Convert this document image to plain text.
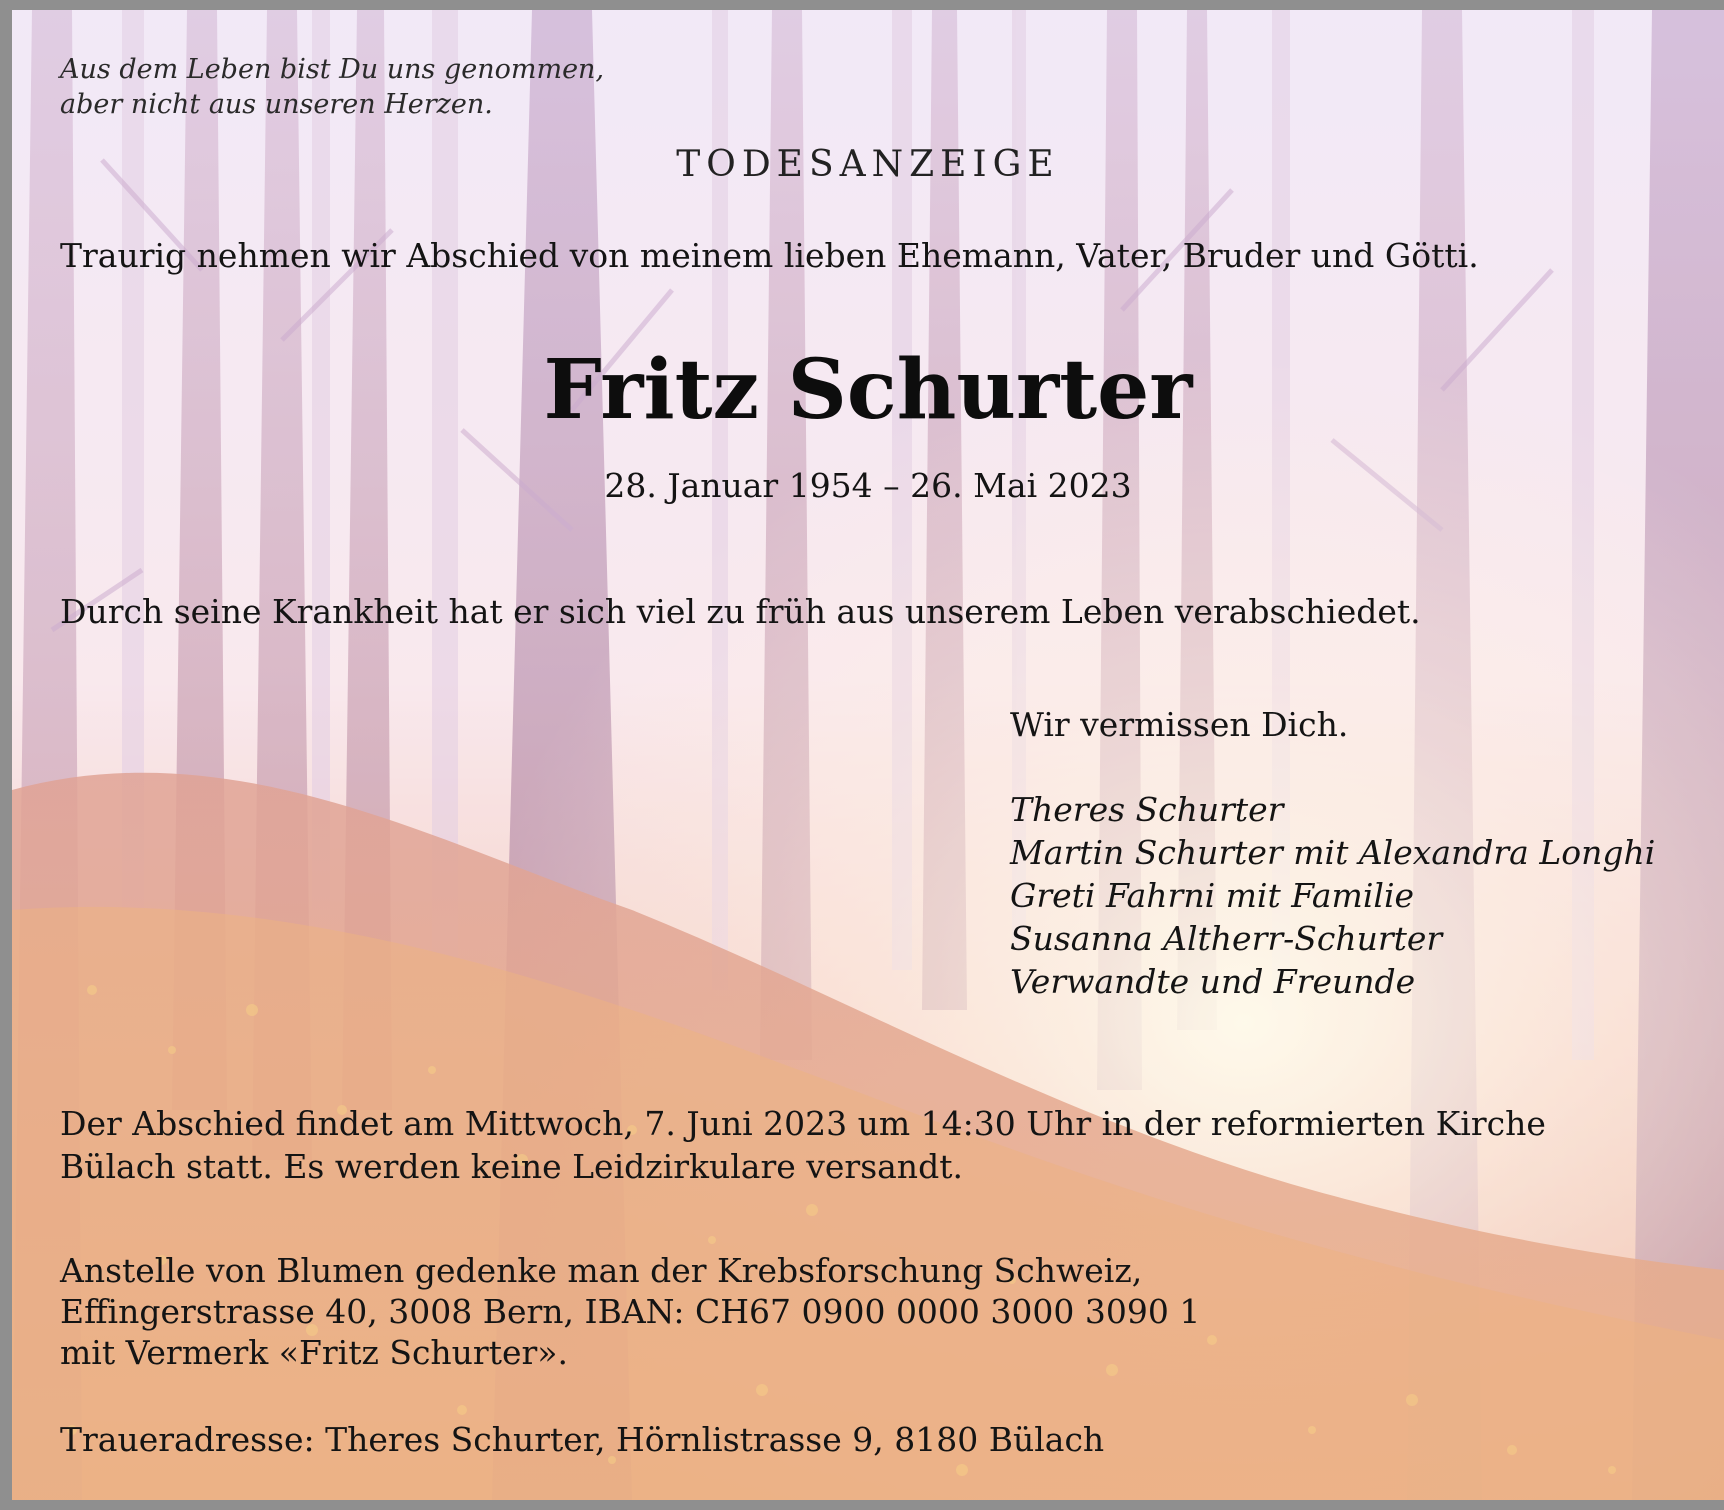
Aus dem Leben bist Du uns genommen,
aber nicht aus unseren Herzen.

TODESANZEIGE

Traurig nehmen wir Abschied von meinem lieben Ehemann, Vater, Bruder und Götti.

Fritz Schurter

28. Januar 1954 – 26. Mai 2023

Durch seine Krankheit hat er sich viel zu früh aus unserem Leben verabschiedet.

Wir vermissen Dich.

Theres Schurter
Martin Schurter mit Alexandra Longhi
Greti Fahrni mit Familie
Susanna Altherr-Schurter
Verwandte und Freunde

Der Abschied findet am Mittwoch, 7. Juni 2023 um 14:30 Uhr in der reformierten Kirche
Bülach statt. Es werden keine Leidzirkulare versandt.

Anstelle von Blumen gedenke man der Krebsforschung Schweiz,
Effingerstrasse 40, 3008 Bern, IBAN: CH67 0900 0000 3000 3090 1
mit Vermerk «Fritz Schurter».

Traueradresse: Theres Schurter, Hörnlistrasse 9, 8180 Bülach
